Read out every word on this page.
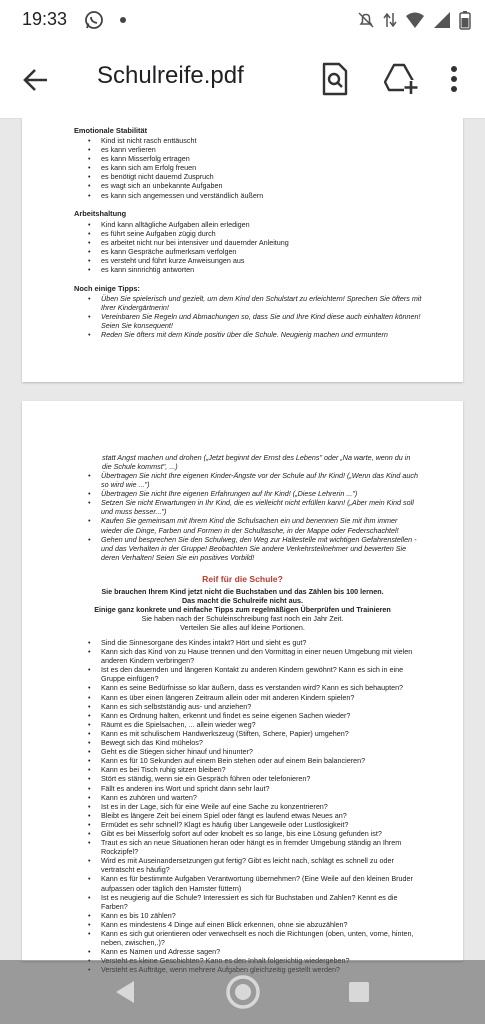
19:33
Schulreife.pdf
Emotionale Stabilität
• Kind ist nicht rasch enttäuscht
• es kann verlieren
• es kann Misserfolg ertragen
• es kann sich am Erfolg freuen
• es benötigt nicht dauernd Zuspruch
• es wagt sich an unbekannte Aufgaben
• es kann sich angemessen und verständlich äußern
Arbeitshaltung
• Kind kann alltägliche Aufgaben allein erledigen
• es führt seine Aufgaben zügig durch
• es arbeitet nicht nur bei intensiver und dauernder Anleitung
• es kann Gespräche aufmerksam verfolgen
• es versteht und führt kurze Anweisungen aus
• es kann sinnrichtig antworten
Noch einige Tipps:
• Üben Sie spielerisch und gezielt, um dem Kind den Schulstart zu erleichtern! Sprechen Sie öfters mit Ihrer Kindergärtnerin!
• Vereinbaren Sie Regeln und Abmachungen so, dass Sie und Ihre Kind diese auch einhalten können! Seien Sie konsequent!
• Reden Sie öfters mit dem Kinde positiv über die Schule. Neugierig machen und ermuntern
statt Angst machen und drohen („Jetzt beginnt der Ernst des Lebens" oder „Na warte, wenn du in die Schule kommst", ...)
• Übertragen Sie nicht Ihre eigenen Kinder-Ängste vor der Schule auf Ihr Kind! („Wenn das Kind auch so wird wie ...")
• Übertragen Sie nicht Ihre eigenen Erfahrungen auf Ihr Kind! („Diese Lehrerin ...")
• Setzen Sie nicht Erwartungen in Ihr Kind, die es vielleicht nicht erfüllen kann! („Aber mein Kind soll und muss besser...")
• Kaufen Sie gemeinsam mit Ihrem Kind die Schulsachen ein und benennen Sie mit ihm immer wieder die Dinge, Farben und Formen in der Schultasche, in der Mappe oder Federschachtel!
• Gehen und besprechen Sie den Schulweg, den Weg zur Haltestelle mit wichtigen Gefahrenstellen - und das Verhalten in der Gruppe! Beobachten Sie andere Verkehrsteilnehmer und bewerten Sie deren Verhalten! Seien Sie ein positives Vorbild!
Reif für die Schule?
Sie brauchen Ihrem Kind jetzt nicht die Buchstaben und das Zählen bis 100 lernen.
Das macht die Schulreife nicht aus.
Einige ganz konkrete und einfache Tipps zum regelmäßigen Überprüfen und Trainieren
Sie haben nach der Schuleinschreibung fast noch ein Jahr Zeit.
Verteilen Sie alles auf kleine Portionen.
• Sind die Sinnesorgane des Kindes intakt? Hört und sieht es gut?
• Kann sich das Kind von zu Hause trennen und den Vormittag in einer neuen Umgebung mit vielen anderen Kindern verbringen?
• Ist es den dauernden und längeren Kontakt zu anderen Kindern gewöhnt? Kann es sich in eine Gruppe einfügen?
• Kann es seine Bedürfnisse so klar äußern, dass es verstanden wird? Kann es sich behaupten?
• Kann es über einen längeren Zeitraum allein oder mit anderen Kindern spielen?
• Kann es sich selbstständig aus- und anziehen?
• Kann es Ordnung halten, erkennt und findet es seine eigenen Sachen wieder?
• Räumt es die Spielsachen, ... allein wieder weg?
• Kann es mit schulischem Handwerkszeug (Stiften, Schere, Papier) umgehen?
• Bewegt sich das Kind mühelos?
• Geht es die Stiegen sicher hinauf und hinunter?
• Kann es für 10 Sekunden auf einem Bein stehen oder auf einem Bein balancieren?
• Kann es bei Tisch ruhig sitzen bleiben?
• Stört es ständig, wenn sie ein Gespräch führen oder telefonieren?
• Fällt es anderen ins Wort und spricht dann sehr laut?
• Kann es zuhören und warten?
• Ist es in der Lage, sich für eine Weile auf eine Sache zu konzentrieren?
• Bleibt es längere Zeit bei einem Spiel oder fängt es laufend etwas Neues an?
• Ermüdet es sehr schnell? Klagt es häufig über Langeweile oder Lustlosigkeit?
• Gibt es bei Misserfolg sofort auf oder knobelt es so lange, bis eine Lösung gefunden ist?
• Traut es sich an neue Situationen heran oder hängt es in fremder Umgebung ständig an Ihrem Rockzipfel?
• Wird es mit Auseinandersetzungen gut fertig? Gibt es leicht nach, schlägt es schnell zu oder vertratscht es häufig?
• Kann es für bestimmte Aufgaben Verantwortung übernehmen? (Eine Weile auf den kleinen Bruder aufpassen oder täglich den Hamster füttern)
• Ist es neugierig auf die Schule? Interessiert es sich für Buchstaben und Zahlen? Kennt es die Farben?
• Kann es bis 10 zählen?
• Kann es mindestens 4 Dinge auf einen Blick erkennen, ohne sie abzuzählen?
• Kann es sich gut orientieren oder verwechselt es noch die Richtungen (oben, unten, vorne, hinten, neben, zwischen,.)?
• Kann es Namen und Adresse sagen?
•
•
